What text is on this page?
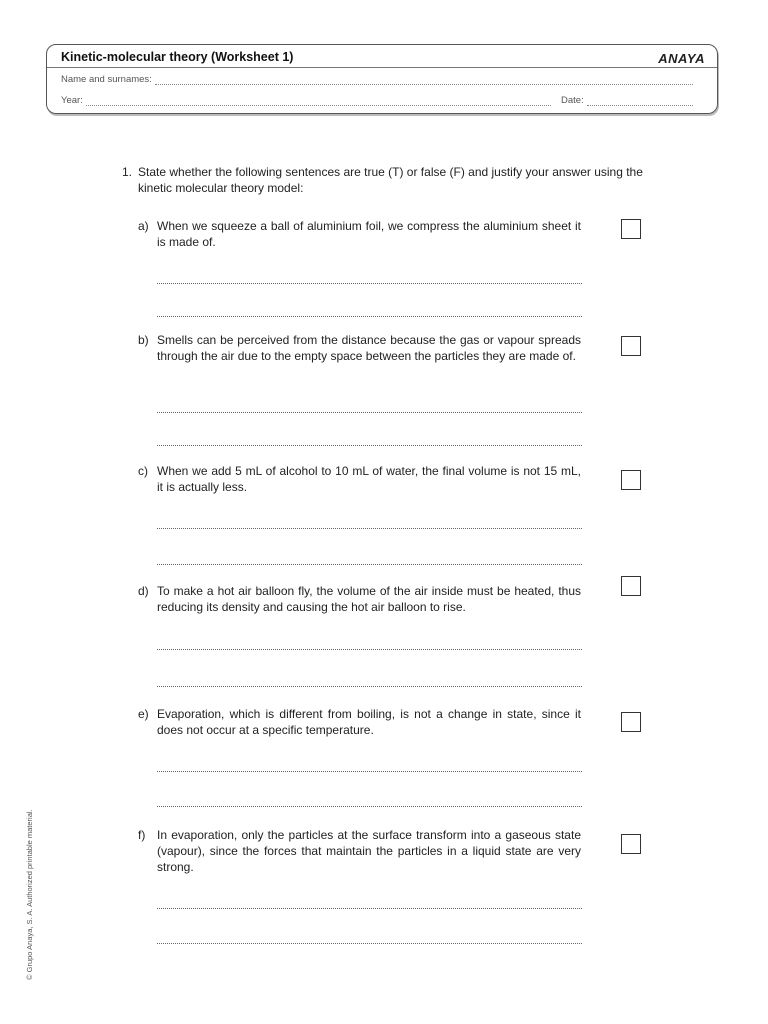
Kinetic-molecular theory (Worksheet 1)	ANAYA
Name and surnames:
Year:	Date:
1. State whether the following sentences are true (T) or false (F) and justify your answer using the kinetic molecular theory model:
a) When we squeeze a ball of aluminium foil, we compress the aluminium sheet it is made of.
b) Smells can be perceived from the distance because the gas or vapour spreads through the air due to the empty space between the particles they are made of.
c) When we add 5 mL of alcohol to 10 mL of water, the final volume is not 15 mL, it is actually less.
d) To make a hot air balloon fly, the volume of the air inside must be heated, thus reducing its density and causing the hot air balloon to rise.
e) Evaporation, which is different from boiling, is not a change in state, since it does not occur at a specific temperature.
f) In evaporation, only the particles at the surface transform into a gaseous state (vapour), since the forces that maintain the particles in a liquid state are very strong.
© Grupo Anaya, S. A. Authorized printable material.
